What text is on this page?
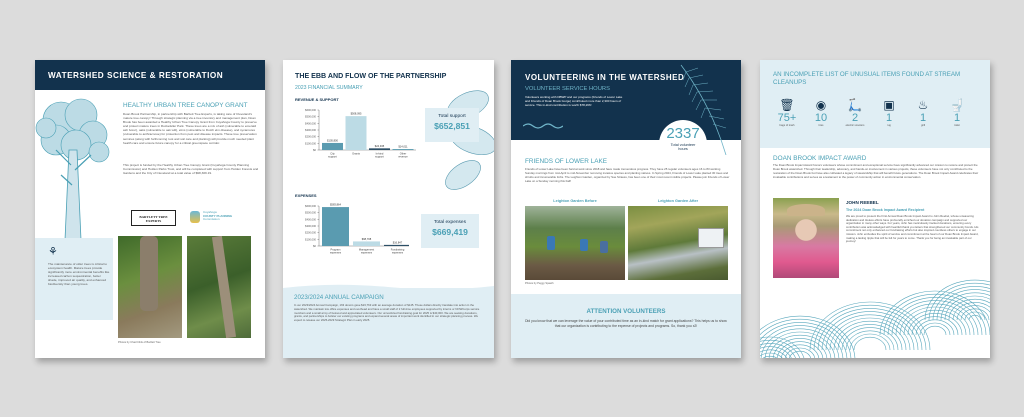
WATERSHED SCIENCE & RESTORATION
HEALTHY URBAN TREE CANOPY GRANT
Doan Brook Partnership, in partnership with Bartlett Tree Experts, is taking care of Cleveland's mature tree canopy! Through strategic planning via a tree inventory and management plan, Doan Brook has been awarded a Healthy Urban Tree Canopy Grant from Cuyahoga County to preserve and protect mature trees in Rockefeller Park. These trees are a mix of ash (vulnerable to emerald ash borer), oaks (vulnerable to oak wilt), elms (vulnerable to Dutch elm disease), and sycamores (vulnerable to anthracnose) for protection from pest and disease impacts. These tree preservation services (along with forthcoming root and soil care and planting) will provide much needed plant health care and ensure future canopy for a critical greenspace corridor.
This project is funded by the Healthy Urban Tree Canopy Grant (Cuyahoga County Planning Commission) and Holden Parks Trust, and will be completed with support from Holden Forests and Gardens and the City of Cleveland at a total value of $98,309.19.
BARTLETT TREE EXPERTS
Cuyahoga
COUNTY PLANNING
Commission
⚘
The maintenance of older trees is critical to ecosystem health. Mature trees provide significantly more environmental benefits like increased carbon sequestration, better shade, improved air quality, and enhanced biodiversity than young trees.
Photos by Chad Clink of Bartlett Tree
THE EBB AND FLOW OF THE PARTNERSHIP
2023 FINANCIAL SUMMARY
REVENUE & SUPPORT
$0
$100,000
$200,000
$300,000
$400,000
$500,000
$600,000
$105,800
City
support
$508,095
Grants
$24,945
In-kind
support
$14,011
Other
revenue
Total support
$652,851
EXPENSES
$0
$100,000
$200,000
$300,000
$400,000
$500,000
$600,000	$583,864
Program
expenses
$68,708
Management
expenses
$16,847
Fundraising
expenses
Total expenses
$669,419
2023/2024 ANNUAL CAMPAIGN
In our 2023/2024 Annual Campaign, 163 donors gave $23,763 with an average donation of $145. These dollars directly translate into action in the watershed. We maintain low office expenses and overhead and have a small staff of 2 full-time employees supported by interns or NOWCorps service members and a small army of beloved and appreciated volunteers. Our unrestricted fundraising goal for 2025 is $40,000. We are seeking donations, grants, and partnerships to bolster our existing programs and expand several areas of important work identified in our strategic planning process. We expect to release our 2025-2029 Strategic Plan in early 2025.
VOLUNTEERING IN THE WATERSHED
VOLUNTEER SERVICE HOURS
Volunteers working with DBWP and our programs (Friends of Lower Lake and Friends of Doan Brook Gorge) contributed more than 2,300 hours of service. This in-kind contribution is worth $78,266!
2337
Total volunteer hours
FRIENDS OF LOWER LAKE
Friends of Lower Lake have been hard at work since 2018 and have made tremendous progress. They have 25 regular volunteers ages 16 to 83 working Sunday mornings from mid-April to mid-November removing invasive species and planting natives. In Spring 2024, Friends of Lower Lake planted 30 trees and shrubs and innumerable forbs. The Leighton Garden, organized by Sue Strauss, has been one of their most recent visible projects. Please join Friends of Lower Lake on a Sunday morning this Fall!
Leighton Garden Before	Leighton Garden After
Photos by Peggy Spaeth
ATTENTION VOLUNTEERS
Did you know that we can leverage the value of your contributed time as an in-kind match for grant applications? This helps us to show that our organization is contributing to the expense of projects and programs. So, thank you x2!
AN INCOMPLETE LIST OF UNUSUAL ITEMS FOUND AT STREAM CLEANUPS
🗑
75+
bags of trash
◉
10
tires
🛴
2
electric scooters
▣
1
rug
♨
1
grill
🚽
1
toilet
DOAN BROOK IMPACT AWARD
The Doan Brook Impact Award honors volunteers whose commitment and exceptional service have significantly advanced our mission to restore and protect the Doan Brook watershed. Through their leadership, advocacy, and hands-on involvement in various projects, these volunteers have not only contributed to the restoration of the Doan Brook but have also cultivated a legacy of stewardship that will benefit future generations. The Doan Brook Impact Award celebrates their invaluable contributions and serves as a testament to the power of community action in environmental conservation.
JOHN REEBEL
The 2024 Doan Brook Impact Award Recipient
We are proud to present the First Annual Doan Brook Impact Award to John Reebel, whose unwavering dedication and tireless efforts have profoundly enriched our donation campaign and supported our organization in many other ways. For years, John has meticulously tracked donations, ensuring every contribution was acknowledged with heartfelt thank you letters that strengthened our community bonds. His commitment not only enhanced our fundraising efforts but also inspired countless others to engage in our mission. John embodies the spirit of service and commitment at the heart of our Doan Brook Impact Award, making a lasting ripple that will be felt for years to come. Thank you for being an invaluable part of our journey!
